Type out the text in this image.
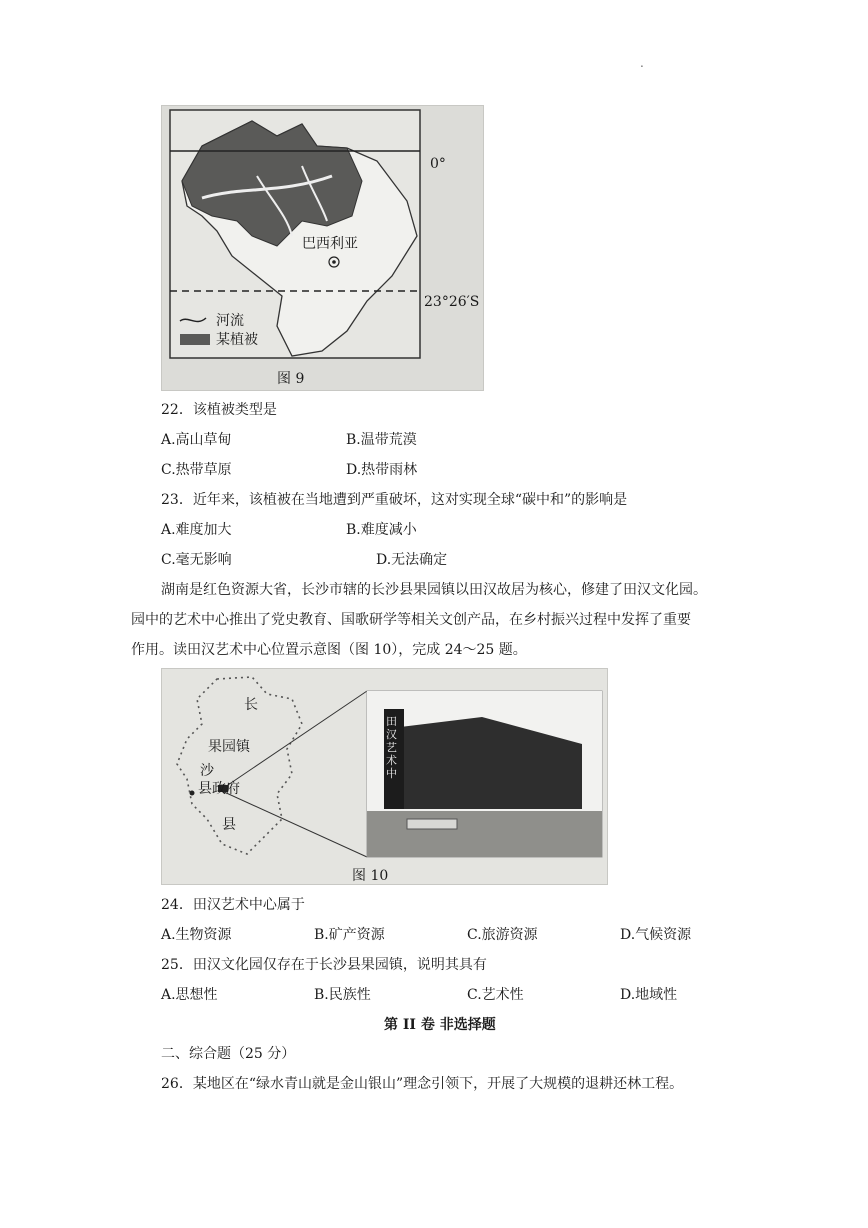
.
巴西利亚
0°
23°26′S
河流
某植被
图 9
22．该植被类型是
A.高山草甸	B.温带荒漠
C.热带草原	D.热带雨林
23．近年来，该植被在当地遭到严重破坏，这对实现全球“碳中和”的影响是
A.难度加大	B.难度减小
C.毫无影响	D.无法确定
湖南是红色资源大省，长沙市辖的长沙县果园镇以田汉故居为核心，修建了田汉文化园。
园中的艺术中心推出了党史教育、国歌研学等相关文创产品，在乡村振兴过程中发挥了重要
作用。读田汉艺术中心位置示意图（图 10），完成 24～25 题。
田汉艺术中
长
果园镇
沙
县政府
县
图 10
24．田汉艺术中心属于
A.生物资源	B.矿产资源	C.旅游资源	D.气候资源
25．田汉文化园仅存在于长沙县果园镇，说明其具有
A.思想性	B.民族性	C.艺术性	D.地域性
第 II 卷 非选择题
二、综合题（25 分）
26．某地区在“绿水青山就是金山银山”理念引领下，开展了大规模的退耕还林工程。
